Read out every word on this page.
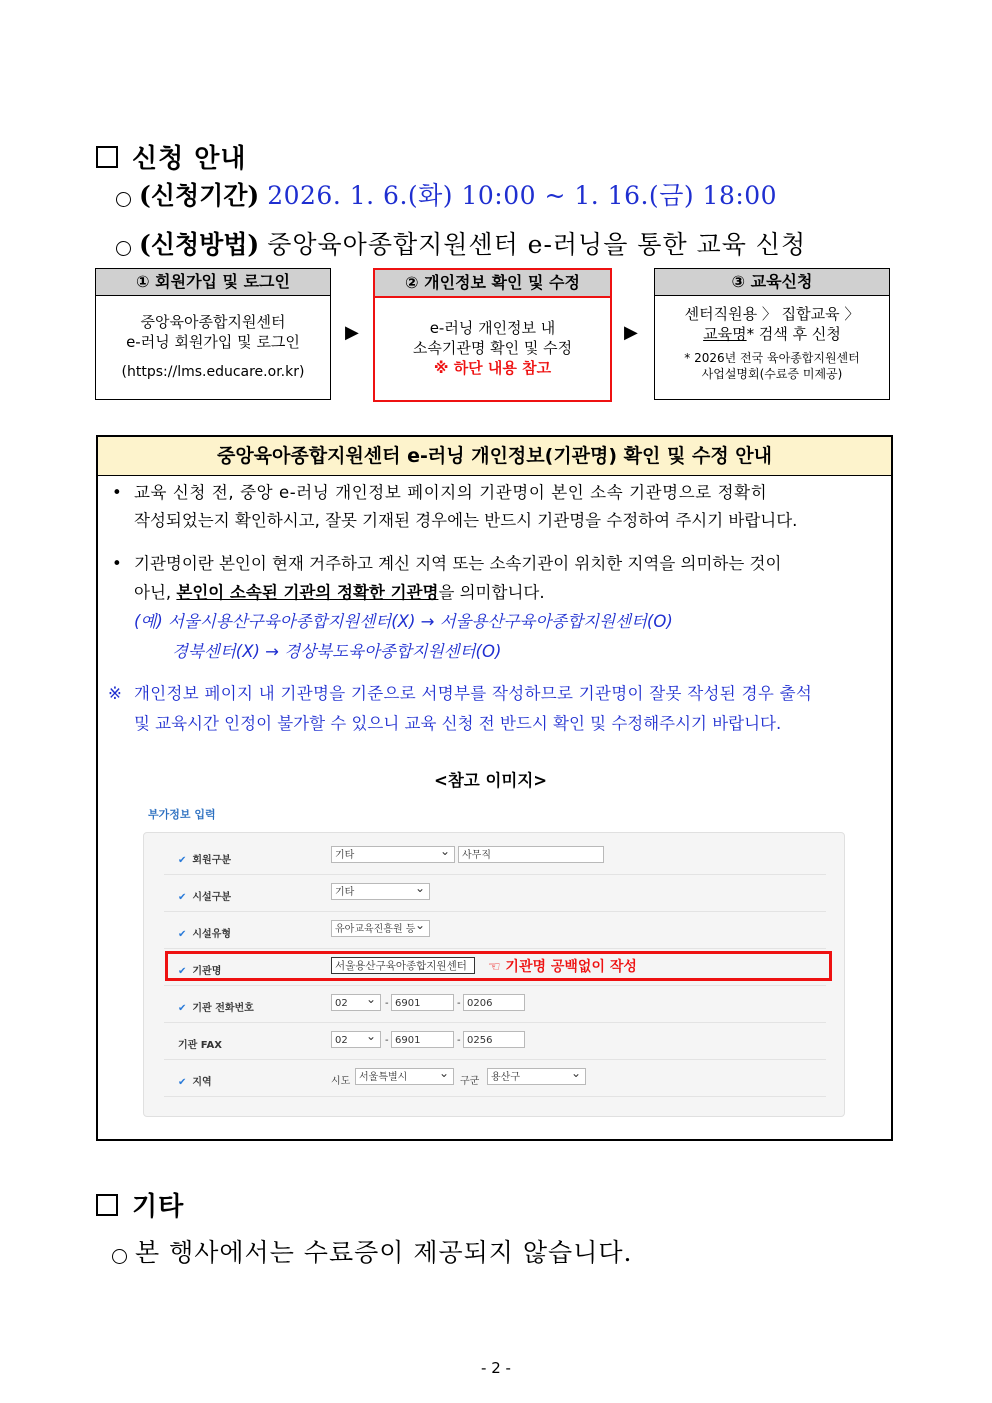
신청 안내
(신청기간) 2026. 1. 6.(화) 10:00 ~ 1. 16.(금) 18:00
(신청방법) 중앙육아종합지원센터 e-러닝을 통한 교육 신청
① 회원가입 및 로그인
중앙육아종합지원센터
e-러닝 회원가입 및 로그인
(https://lms.educare.or.kr)
▶
② 개인정보 확인 및 수정
e-러닝 개인정보 내
소속기관명 확인 및 수정
※ 하단 내용 참고
▶
③ 교육신청
센터직원용 〉 집합교육 〉
교육명* 검색 후 신청
* 2026년 전국 육아종합지원센터
사업설명회(수료증 미제공)
중앙육아종합지원센터 e-러닝 개인정보(기관명) 확인 및 수정 안내
• 교육 신청 전, 중앙 e-러닝 개인정보 페이지의 기관명이 본인 소속 기관명으로 정확히
작성되었는지 확인하시고, 잘못 기재된 경우에는 반드시 기관명을 수정하여 주시기 바랍니다.
• 기관명이란 본인이 현재 거주하고 계신 지역 또는 소속기관이 위치한 지역을 의미하는 것이
아닌, 본인이 소속된 기관의 정확한 기관명을 의미합니다.
(예) 서울시용산구육아종합지원센터(X) → 서울용산구육아종합지원센터(O)
경북센터(X) → 경상북도육아종합지원센터(O)
※ 개인정보 페이지 내 기관명을 기준으로 서명부를 작성하므로 기관명이 잘못 작성된 경우 출석
및 교육시간 인정이 불가할 수 있으니 교육 신청 전 반드시 확인 및 수정해주시기 바랍니다.
<참고 이미지>
부가정보 입력
✔ 회원구분	기타 ⌄	사무직
✔ 시설구분	기타 ⌄
✔ 시설유형	유아교육진흥원 등 ⌄
✔ 기관명	서울용산구육아종합지원센터	☜ 기관명 공백없이 작성
✔ 기관 전화번호	02 ⌄	- 6901	- 0206
기관 FAX	02 ⌄	- 6901	- 0256
✔ 지역	시도 서울특별시 ⌄	구군	용산구 ⌄
기타
본 행사에서는 수료증이 제공되지 않습니다.
- 2 -
